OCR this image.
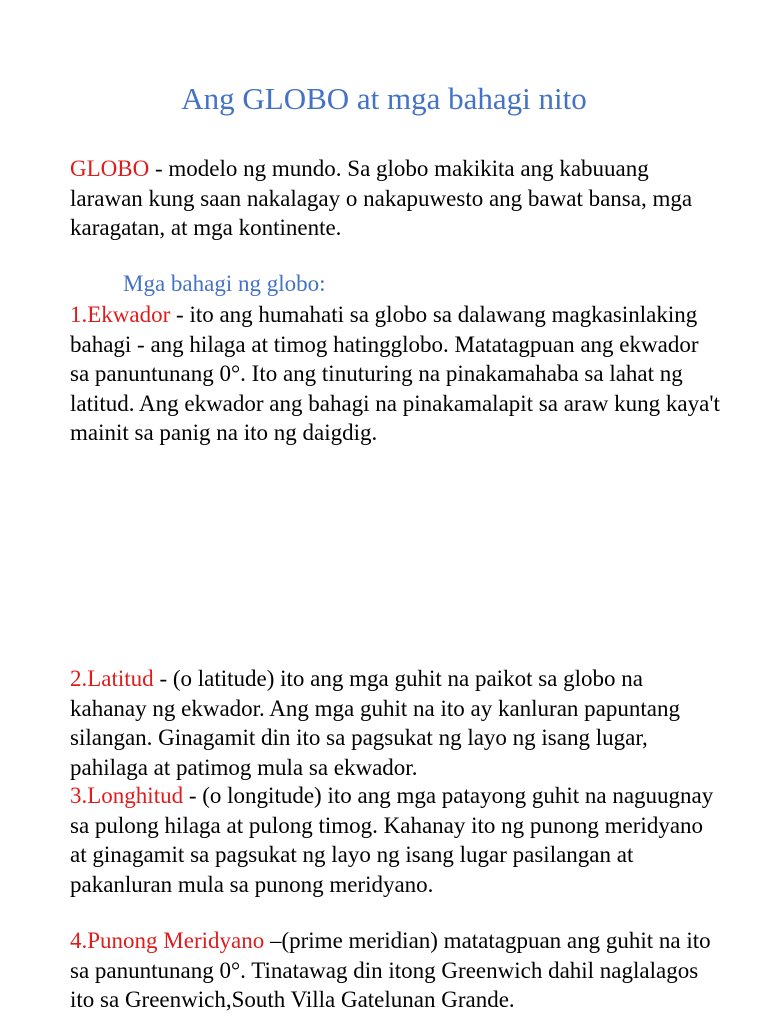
Ang GLOBO at mga bahagi nito

GLOBO - modelo ng mundo. Sa globo makikita ang kabuuang larawan kung saan nakalagay o nakapuwesto ang bawat bansa, mga karagatan, at mga kontinente.

Mga bahagi ng globo:

1.Ekwador - ito ang humahati sa globo sa dalawang magkasinlaking bahagi - ang hilaga at timog hatingglobo. Matatagpuan ang ekwador sa panuntunang 0°. Ito ang tinuturing na pinakamahaba sa lahat ng latitud. Ang ekwador ang bahagi na pinakamalapit sa araw kung kaya't mainit sa panig na ito ng daigdig.

2.Latitud - (o latitude) ito ang mga guhit na paikot sa globo na kahanay ng ekwador. Ang mga guhit na ito ay kanluran papuntang silangan. Ginagamit din ito sa pagsukat ng layo ng isang lugar, pahilaga at patimog mula sa ekwador.

3.Longhitud - (o longitude) ito ang mga patayong guhit na naguugnay sa pulong hilaga at pulong timog. Kahanay ito ng punong meridyano at ginagamit sa pagsukat ng layo ng isang lugar pasilangan at pakanluran mula sa punong meridyano.

4.Punong Meridyano –(prime meridian) matatagpuan ang guhit na ito sa panuntunang 0°. Tinatawag din itong Greenwich dahil naglalagos ito sa Greenwich,South Villa Gatelunan Grande.
